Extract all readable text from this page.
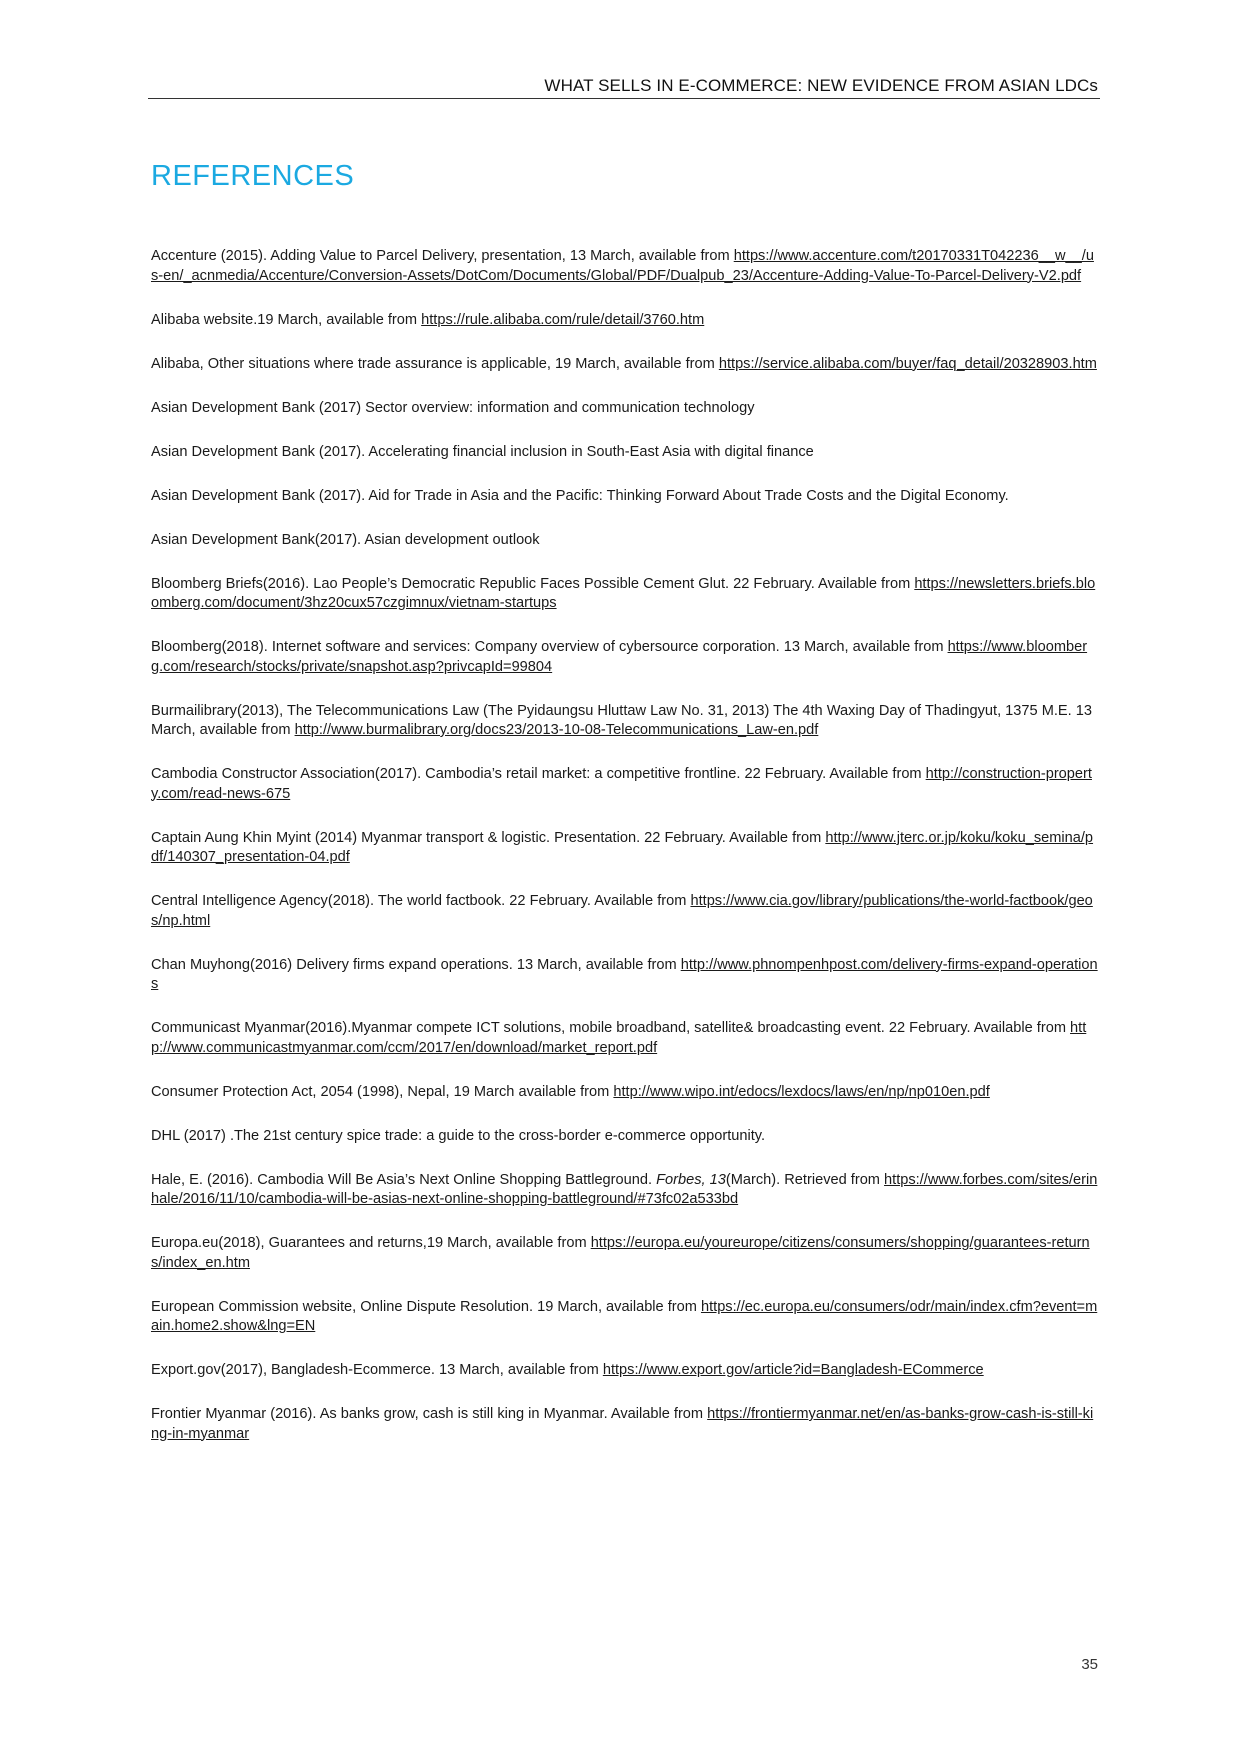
WHAT SELLS IN E-COMMERCE: NEW EVIDENCE FROM ASIAN LDCs
REFERENCES
Accenture (2015). Adding Value to Parcel Delivery, presentation, 13 March, available from https://www.accenture.com/t20170331T042236__w__/us-en/_acnmedia/Accenture/Conversion-Assets/DotCom/Documents/Global/PDF/Dualpub_23/Accenture-Adding-Value-To-Parcel-Delivery-V2.pdf
Alibaba website.19 March, available from https://rule.alibaba.com/rule/detail/3760.htm
Alibaba, Other situations where trade assurance is applicable, 19 March, available from https://service.alibaba.com/buyer/faq_detail/20328903.htm
Asian Development Bank (2017) Sector overview: information and communication technology
Asian Development Bank (2017). Accelerating financial inclusion in South-East Asia with digital finance
Asian Development Bank (2017). Aid for Trade in Asia and the Pacific: Thinking Forward About Trade Costs and the Digital Economy.
Asian Development Bank(2017). Asian development outlook
Bloomberg Briefs(2016). Lao People’s Democratic Republic Faces Possible Cement Glut. 22 February. Available from https://newsletters.briefs.bloomberg.com/document/3hz20cux57czgimnux/vietnam-startups
Bloomberg(2018). Internet software and services: Company overview of cybersource corporation. 13 March, available from https://www.bloomberg.com/research/stocks/private/snapshot.asp?privcapId=99804
Burmailibrary(2013), The Telecommunications Law (The Pyidaungsu Hluttaw Law No. 31, 2013) The 4th Waxing Day of Thadingyut, 1375 M.E. 13 March, available from http://www.burmalibrary.org/docs23/2013-10-08-Telecommunications_Law-en.pdf
Cambodia Constructor Association(2017). Cambodia’s retail market: a competitive frontline. 22 February. Available from http://construction-property.com/read-news-675
Captain Aung Khin Myint (2014) Myanmar transport & logistic. Presentation. 22 February. Available from http://www.jterc.or.jp/koku/koku_semina/pdf/140307_presentation-04.pdf
Central Intelligence Agency(2018). The world factbook. 22 February. Available from https://www.cia.gov/library/publications/the-world-factbook/geos/np.html
Chan Muyhong(2016) Delivery firms expand operations. 13 March, available from http://www.phnompenhpost.com/delivery-firms-expand-operations
Communicast Myanmar(2016).Myanmar compete ICT solutions, mobile broadband, satellite& broadcasting event. 22 February. Available from http://www.communicastmyanmar.com/ccm/2017/en/download/market_report.pdf
Consumer Protection Act, 2054 (1998), Nepal, 19 March available from http://www.wipo.int/edocs/lexdocs/laws/en/np/np010en.pdf
DHL (2017) .The 21st century spice trade: a guide to the cross-border e-commerce opportunity.
Hale, E. (2016). Cambodia Will Be Asia’s Next Online Shopping Battleground. Forbes, 13(March). Retrieved from https://www.forbes.com/sites/erinhale/2016/11/10/cambodia-will-be-asias-next-online-shopping-battleground/#73fc02a533bd
Europa.eu(2018), Guarantees and returns,19 March, available from https://europa.eu/youreurope/citizens/consumers/shopping/guarantees-returns/index_en.htm
European Commission website, Online Dispute Resolution. 19 March, available from https://ec.europa.eu/consumers/odr/main/index.cfm?event=main.home2.show&lng=EN
Export.gov(2017), Bangladesh-Ecommerce. 13 March, available from https://www.export.gov/article?id=Bangladesh-ECommerce
Frontier Myanmar (2016). As banks grow, cash is still king in Myanmar. Available from https://frontiermyanmar.net/en/as-banks-grow-cash-is-still-king-in-myanmar
35
